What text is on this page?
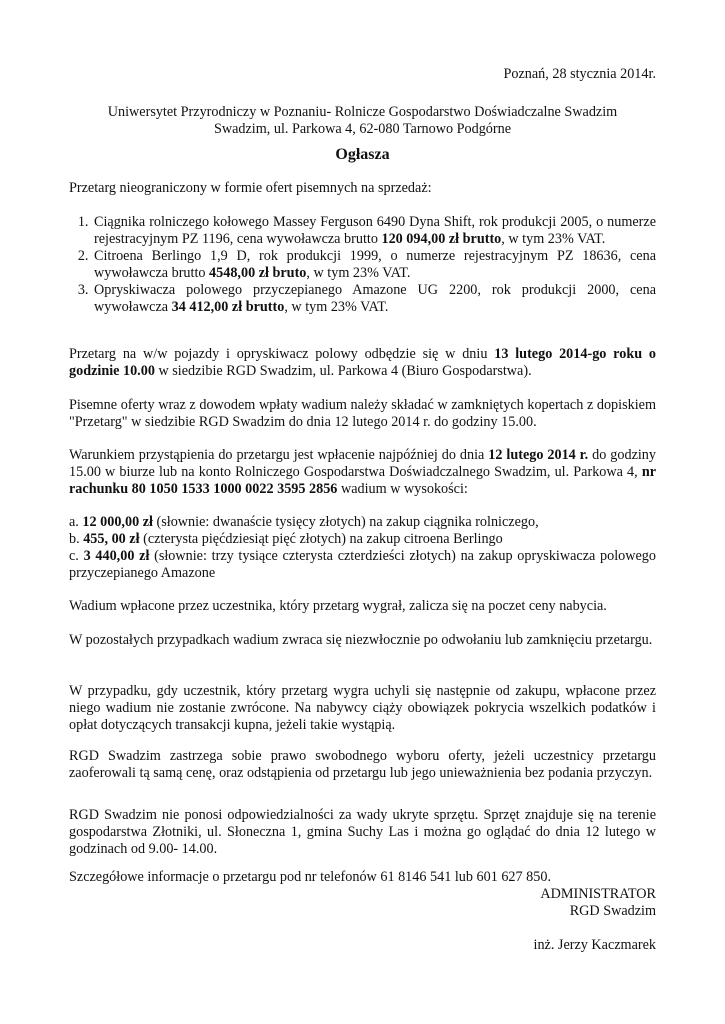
Poznań, 28 stycznia 2014r.
Uniwersytet Przyrodniczy w Poznaniu- Rolnicze Gospodarstwo Doświadczalne Swadzim
Swadzim, ul. Parkowa 4, 62-080 Tarnowo Podgórne
Ogłasza
Przetarg nieograniczony w formie ofert pisemnych na sprzedaż:
1. Ciągnika rolniczego kołowego Massey Ferguson 6490 Dyna Shift, rok produkcji 2005, o numerze rejestracyjnym PZ 1196, cena wywoławcza brutto 120 094,00 zł brutto, w tym 23% VAT.
2. Citroena Berlingo 1,9 D, rok produkcji 1999, o numerze rejestracyjnym PZ 18636, cena wywoławcza brutto 4548,00 zł bruto, w tym 23% VAT.
3. Opryskiwacza polowego przyczepianego Amazone UG 2200, rok produkcji 2000, cena wywoławcza 34 412,00 zł brutto, w tym 23% VAT.
Przetarg na w/w pojazdy i opryskiwacz polowy odbędzie się w dniu 13 lutego 2014-go roku o godzinie 10.00 w siedzibie RGD Swadzim, ul. Parkowa 4 (Biuro Gospodarstwa).
Pisemne oferty wraz z dowodem wpłaty wadium należy składać w zamkniętych kopertach z dopiskiem "Przetarg" w siedzibie RGD Swadzim do dnia 12 lutego 2014 r. do godziny 15.00.
Warunkiem przystąpienia do przetargu jest wpłacenie najpóźniej do dnia 12 lutego 2014 r. do godziny 15.00 w biurze lub na konto Rolniczego Gospodarstwa Doświadczalnego Swadzim, ul. Parkowa 4, nr rachunku 80 1050 1533 1000 0022 3595 2856 wadium w wysokości:
a. 12 000,00 zł (słownie: dwanaście tysięcy złotych) na zakup ciągnika rolniczego,
b. 455, 00 zł (czterysta pięćdziesiąt pięć złotych) na zakup citroena Berlingo
c. 3 440,00 zł (słownie: trzy tysiące czterysta czterdzieści złotych) na zakup opryskiwacza polowego przyczepianego Amazone
Wadium wpłacone przez uczestnika, który przetarg wygrał, zalicza się na poczet ceny nabycia.
W pozostałych przypadkach wadium zwraca się niezwłocznie po odwołaniu lub zamknięciu przetargu.
W przypadku, gdy uczestnik, który przetarg wygra uchyli się następnie od zakupu, wpłacone przez niego wadium nie zostanie zwrócone. Na nabywcy ciąży obowiązek pokrycia wszelkich podatków i opłat dotyczących transakcji kupna, jeżeli takie wystąpią.
RGD Swadzim zastrzega sobie prawo swobodnego wyboru oferty, jeżeli uczestnicy przetargu zaoferowali tą samą cenę, oraz odstąpienia od przetargu lub jego unieważnienia bez podania przyczyn.
RGD Swadzim nie ponosi odpowiedzialności za wady ukryte sprzętu. Sprzęt znajduje się na terenie gospodarstwa Złotniki, ul. Słoneczna 1, gmina Suchy Las i można go oglądać do dnia 12 lutego w godzinach od 9.00- 14.00.
Szczegółowe informacje o przetargu pod nr telefonów 61 8146 541 lub 601 627 850.
ADMINISTRATOR
RGD Swadzim
inż. Jerzy Kaczmarek
